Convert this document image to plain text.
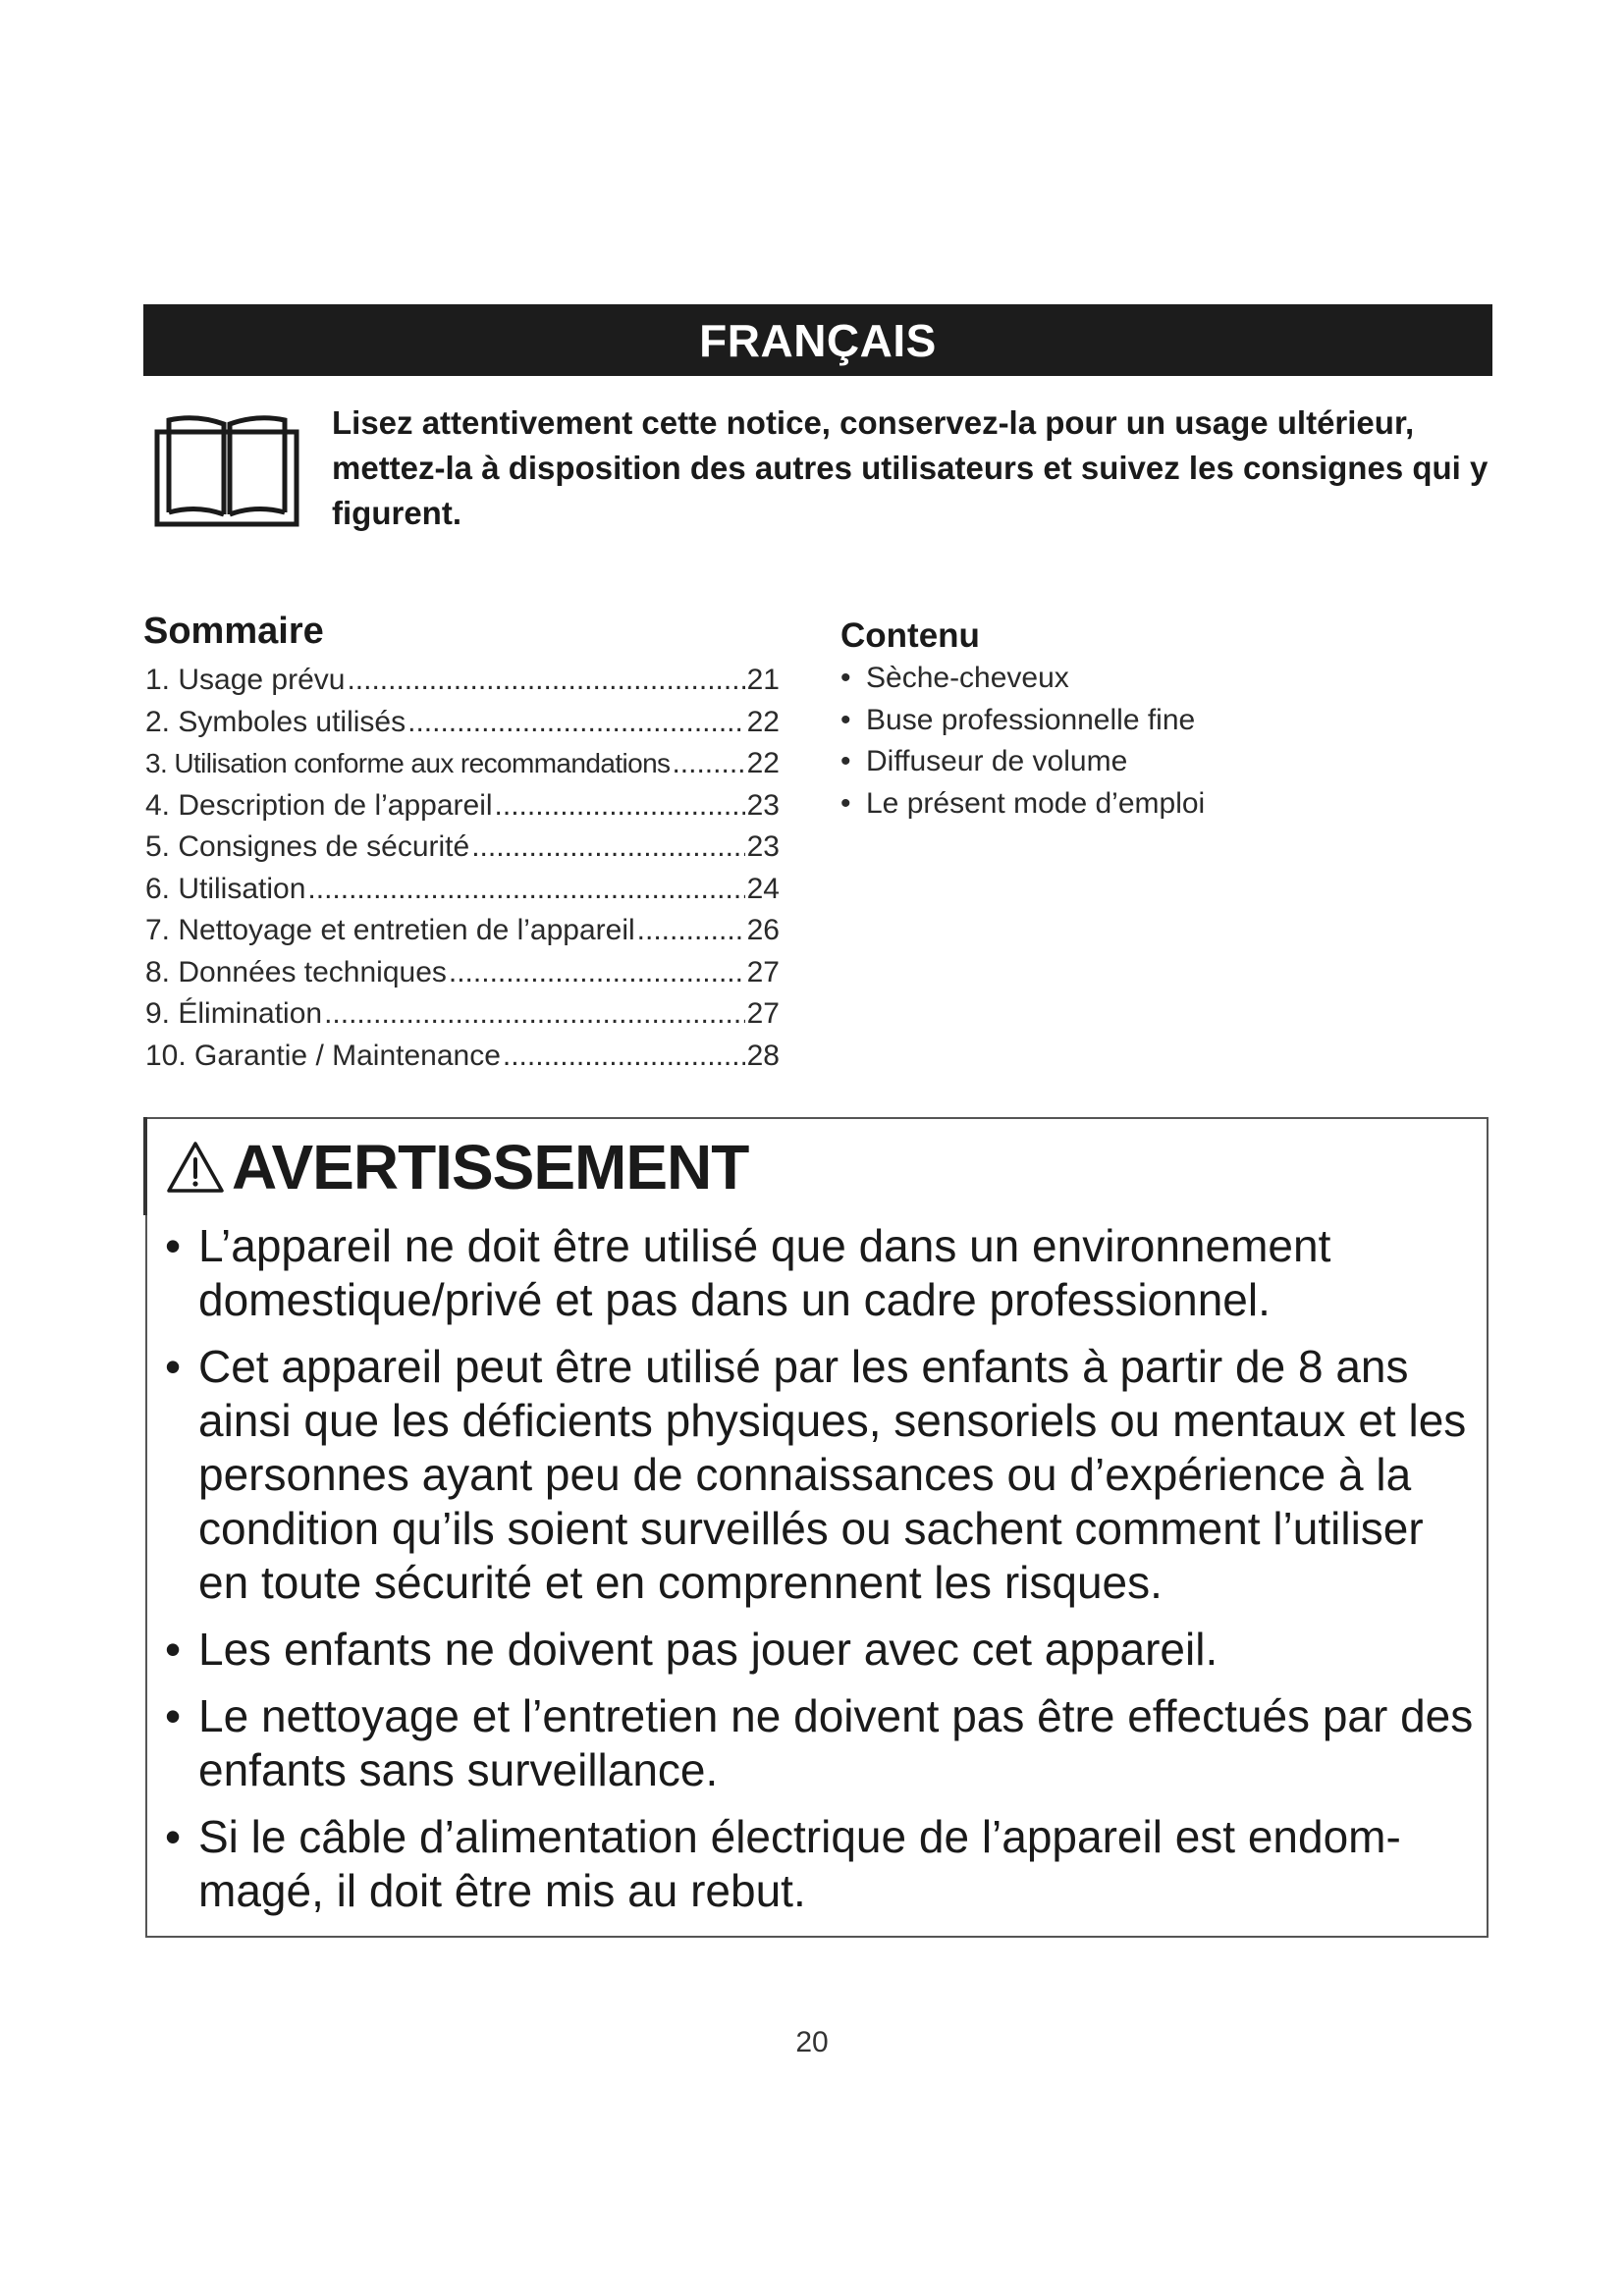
FRANÇAIS
Lisez attentivement cette notice, conservez-la pour un usage ultérieur, mettez-la à disposition des autres utilisateurs et suivez les consignes qui y figurent.
Sommaire
1. Usage prévu .....	21
2. Symboles utilisés .....	22
3. Utilisation conforme aux recommandations .....	22
4. Description de l’appareil .....	23
5. Consignes de sécurité .....	23
6. Utilisation .....	24
7. Nettoyage et entretien de l’appareil .....	26
8. Données techniques .....	27
9. Élimination .....	27
10. Garantie / Maintenance .....	28
Contenu
• Sèche-cheveux
• Buse professionnelle fine
• Diffuseur de volume
• Le présent mode d’emploi
AVERTISSEMENT
• L’appareil ne doit être utilisé que dans un environnement domestique/privé et pas dans un cadre professionnel.
• Cet appareil peut être utilisé par les enfants à partir de 8 ans ainsi que les déficients physiques, sensoriels ou mentaux et les personnes ayant peu de connaissances ou d’expérience à la condition qu’ils soient surveillés ou sachent comment l’utiliser en toute sécurité et en comprennent les risques.
• Les enfants ne doivent pas jouer avec cet appareil.
• Le nettoyage et l’entretien ne doivent pas être effectués par des enfants sans surveillance.
• Si le câble d’alimentation électrique de l’appareil est endom-magé, il doit être mis au rebut.
20
